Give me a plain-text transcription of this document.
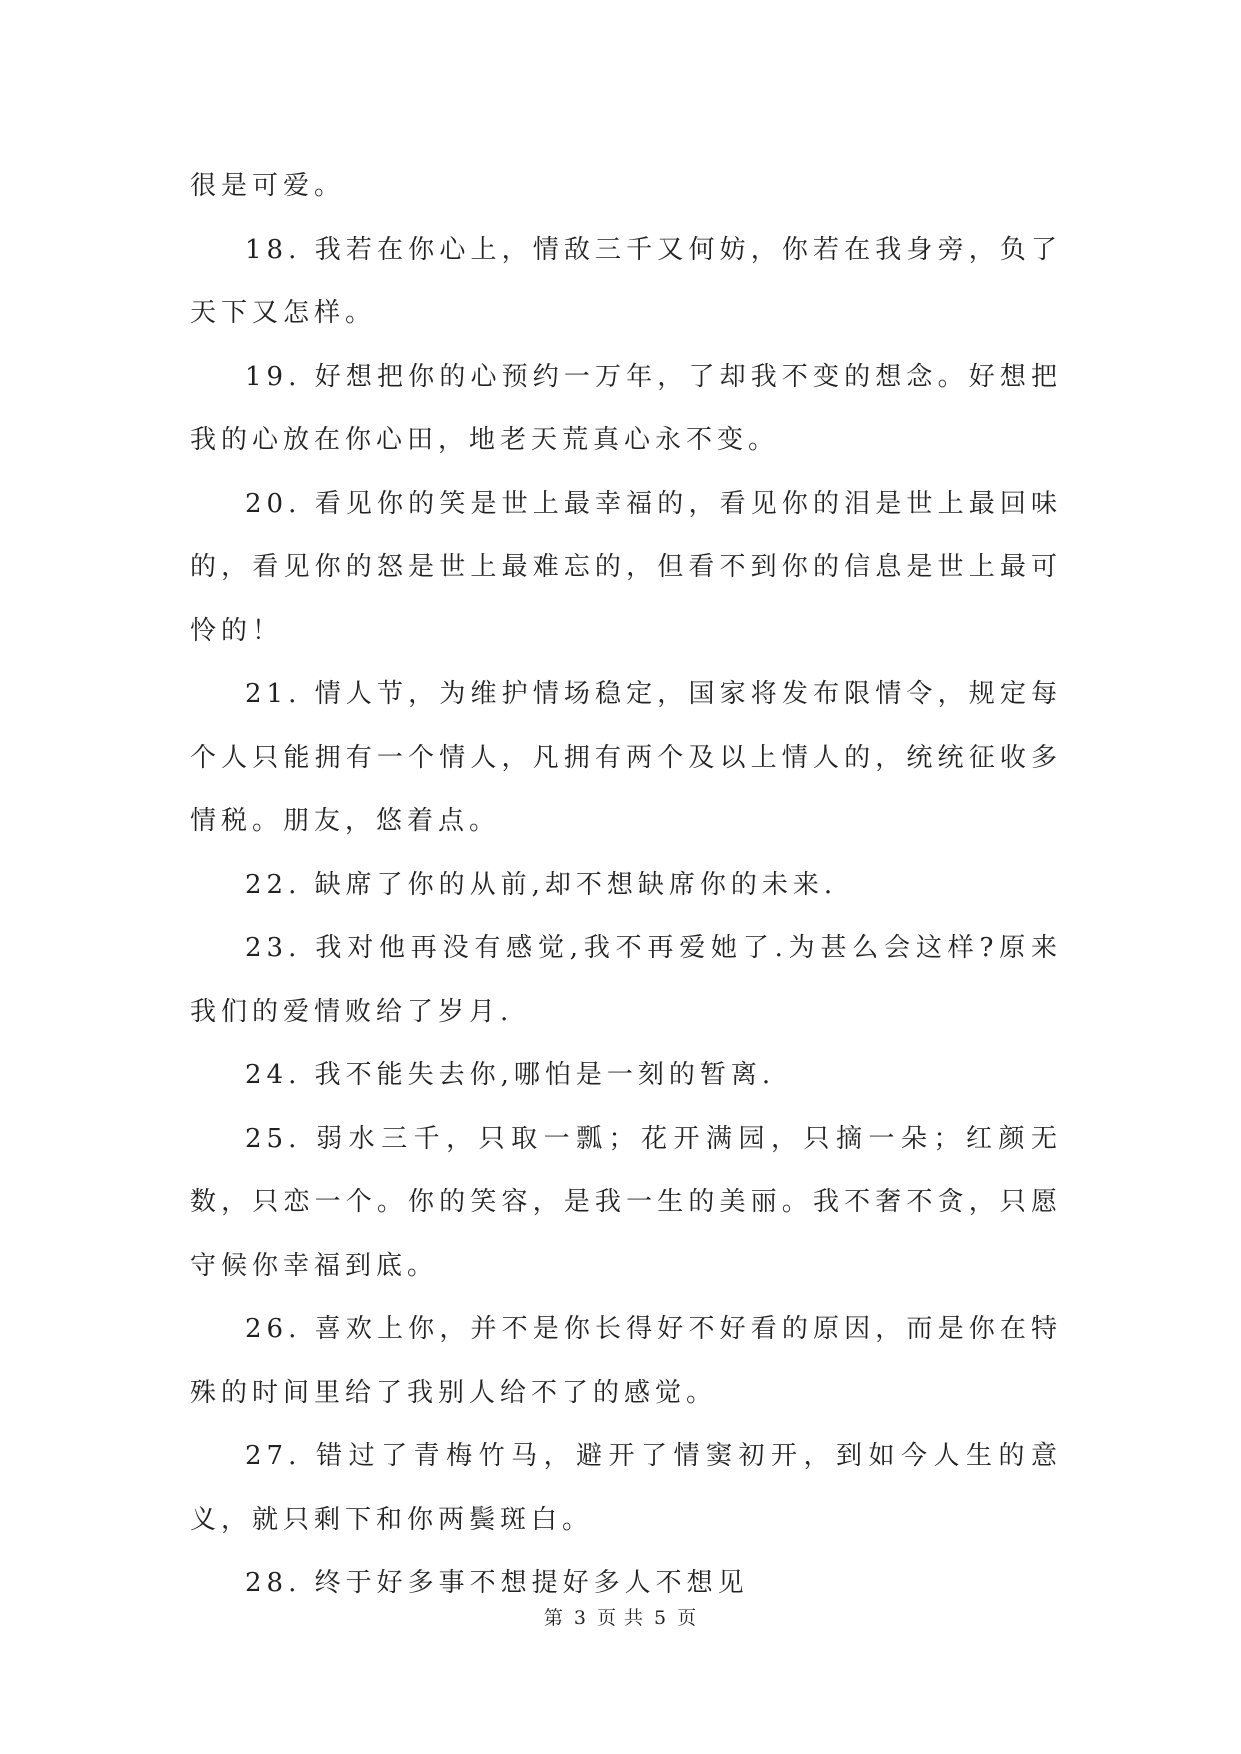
很是可爱。

18. 我若在你心上，情敌三千又何妨，你若在我身旁，负了天下又怎样。

19. 好想把你的心预约一万年，了却我不变的想念。好想把我的心放在你心田，地老天荒真心永不变。

20. 看见你的笑是世上最幸福的，看见你的泪是世上最回味的，看见你的怒是世上最难忘的，但看不到你的信息是世上最可怜的！

21. 情人节，为维护情场稳定，国家将发布限情令，规定每个人只能拥有一个情人，凡拥有两个及以上情人的，统统征收多情税。朋友，悠着点。

22. 缺席了你的从前,却不想缺席你的未来.

23. 我对他再没有感觉,我不再爱她了.为甚么会这样?原来我们的爱情败给了岁月.

24. 我不能失去你,哪怕是一刻的暂离.

25. 弱水三千，只取一瓢；花开满园，只摘一朵；红颜无数，只恋一个。你的笑容，是我一生的美丽。我不奢不贪，只愿守候你幸福到底。

26. 喜欢上你，并不是你长得好不好看的原因，而是你在特殊的时间里给了我别人给不了的感觉。

27. 错过了青梅竹马，避开了情窦初开，到如今人生的意义，就只剩下和你两鬓斑白。

28. 终于好多事不想提好多人不想见

第 3 页 共 5 页
